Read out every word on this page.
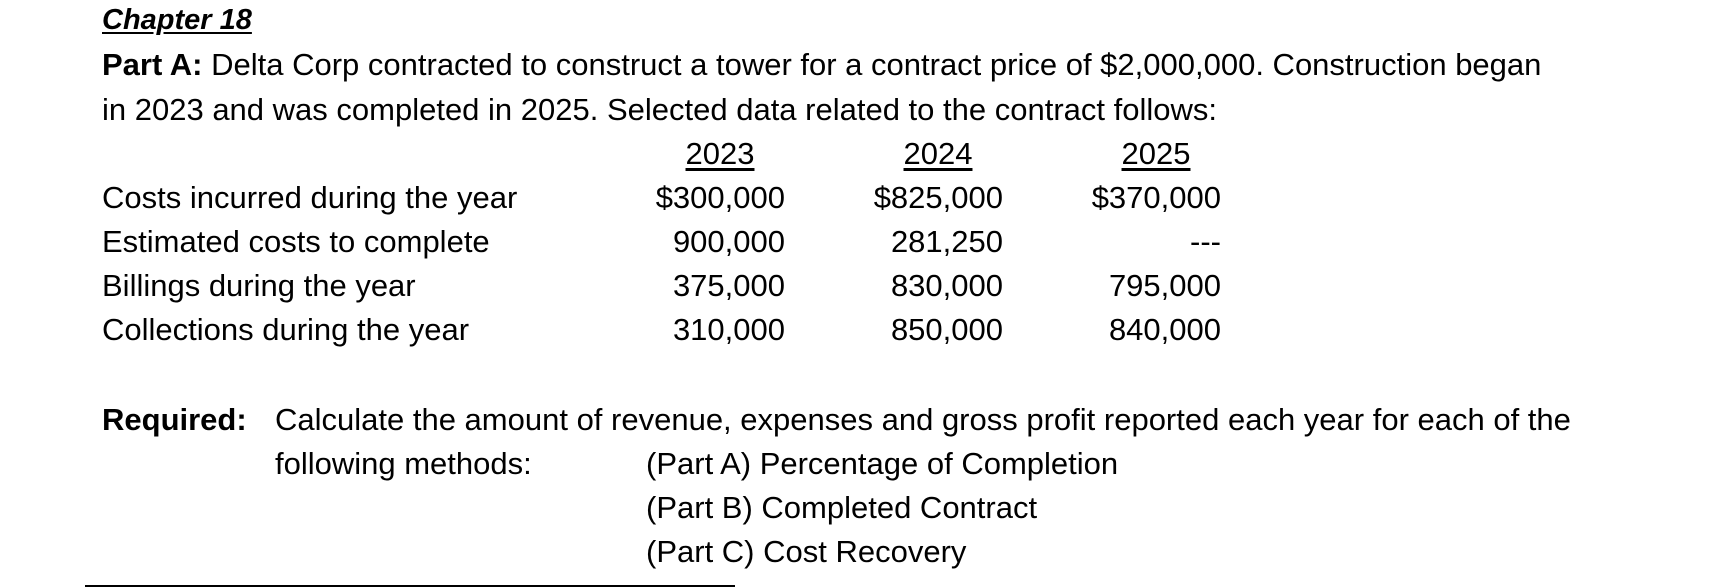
Chapter 18
Part A: Delta Corp contracted to construct a tower for a contract price of $2,000,000. Construction began
in 2023 and was completed in 2025. Selected data related to the contract follows:
2023	2024	2025
Costs incurred during the year	$300,000	$825,000	$370,000
Estimated costs to complete	900,000	281,250	---
Billings during the year	375,000	830,000	795,000
Collections during the year	310,000	850,000	840,000
Required: Calculate the amount of revenue, expenses and gross profit reported each year for each of the
following methods:	(Part A) Percentage of Completion
(Part B) Completed Contract
(Part C) Cost Recovery
